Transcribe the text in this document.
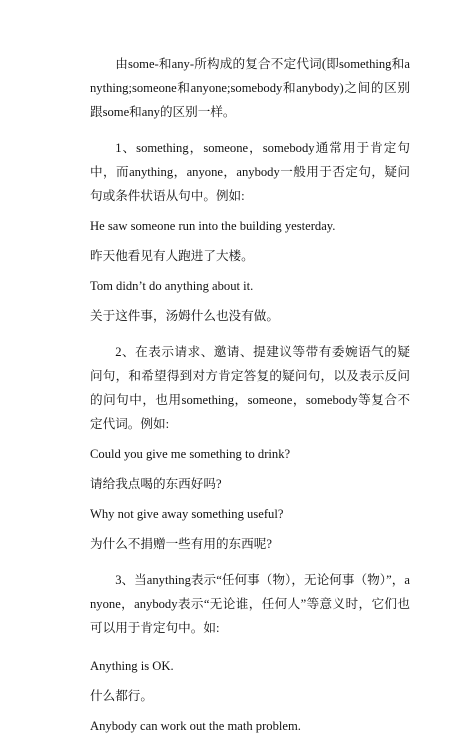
由some-和any-所构成的复合不定代词(即something和anything;someone和anyone;somebody和anybody)之间的区别跟some和any的区别一样。

1、something，someone，somebody通常用于肯定句中，而anything，anyone，anybody一般用于否定句，疑问句或条件状语从句中。例如:

He saw someone run into the building yesterday.

昨天他看见有人跑进了大楼。

Tom didn’t do anything about it.

关于这件事，汤姆什么也没有做。

2、在表示请求、邀请、提建议等带有委婉语气的疑问句，和希望得到对方肯定答复的疑问句，以及表示反问的问句中，也用something，someone，somebody等复合不定代词。例如:

Could you give me something to drink?

请给我点喝的东西好吗?

Why not give away something useful?

为什么不捐赠一些有用的东西呢?

3、当anything表示“任何事（物），无论何事（物）”，anyone，anybody表示“无论谁，任何人”等意义时，它们也可以用于肯定句中。如:

Anything is OK.

什么都行。

Anybody can work out the math problem.
